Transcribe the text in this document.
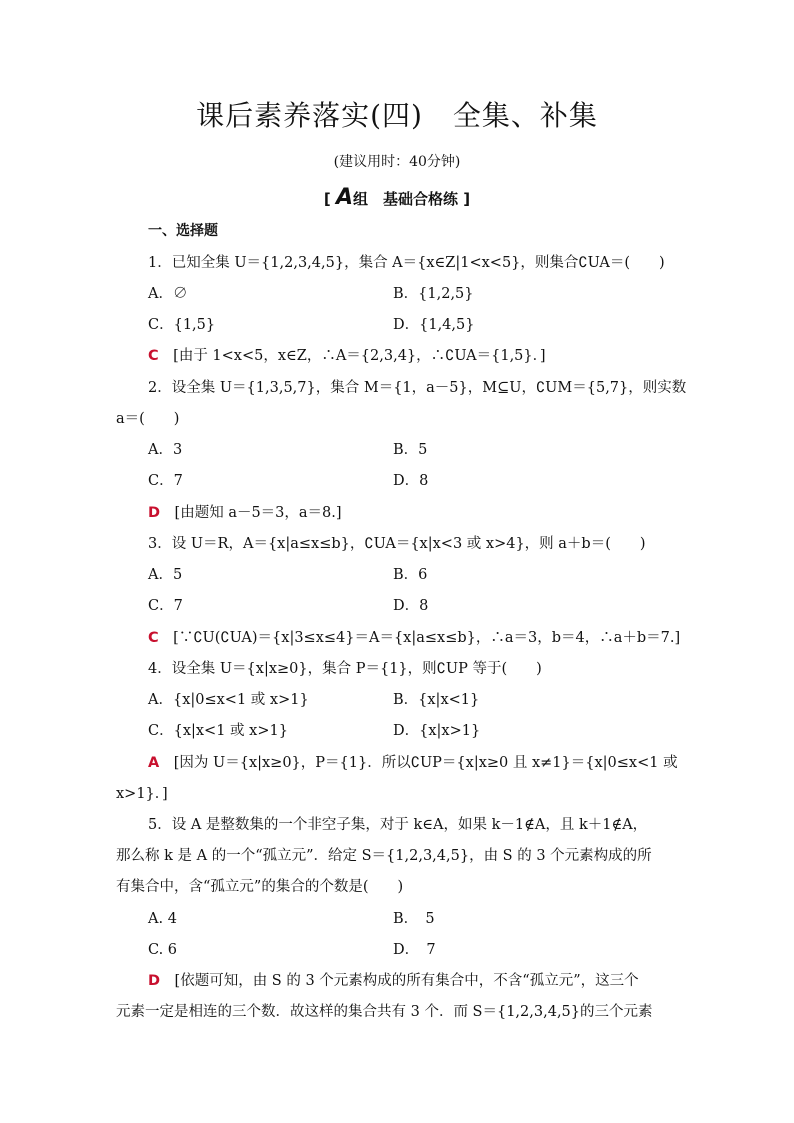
课后素养落实(四) 全集、补集
(建议用时：40分钟)
[ A组　基础合格练 ]
一、选择题
1．已知全集 U＝{1,2,3,4,5}，集合 A＝{x∈Z|1<x<5}，则集合∁UA＝(　　)
A．∅	B．{1,2,5}
C．{1,5}	D．{1,4,5}
C　 [由于 1<x<5，x∈Z，∴A＝{2,3,4}，∴∁UA＝{1,5}．]
2．设全集 U＝{1,3,5,7}，集合 M＝{1，a－5}，M⊆U，∁UM＝{5,7}，则实数
a＝(　　)
A．3	B．5
C．7	D．8
D　 [由题知 a－5＝3，a＝8.]
3．设 U＝R，A＝{x|a≤x≤b}，∁UA＝{x|x<3 或 x>4}，则 a＋b＝(　　)
A．5	B．6
C．7	D．8
C　 [∵∁U(∁UA)＝{x|3≤x≤4}＝A＝{x|a≤x≤b}，∴a＝3，b＝4，∴a＋b＝7.]
4．设全集 U＝{x|x≥0}，集合 P＝{1}，则∁UP 等于(　　)
A．{x|0≤x<1 或 x>1}	B．{x|x<1}
C．{x|x<1 或 x>1}	D．{x|x>1}
A　 [因为 U＝{x|x≥0}，P＝{1}．所以∁UP＝{x|x≥0 且 x≠1}＝{x|0≤x<1 或
x>1}．]
5．设 A 是整数集的一个非空子集，对于 k∈A，如果 k－1∉A，且 k＋1∉A，
那么称 k 是 A 的一个“孤立元”．给定 S＝{1,2,3,4,5}，由 S 的 3 个元素构成的所
有集合中，含“孤立元”的集合的个数是(　　)
A. 4	B．　5
C. 6	D．　7
D　 [依题可知，由 S 的 3 个元素构成的所有集合中，不含“孤立元”，这三个
元素一定是相连的三个数．故这样的集合共有 3 个．而 S＝{1,2,3,4,5}的三个元素
